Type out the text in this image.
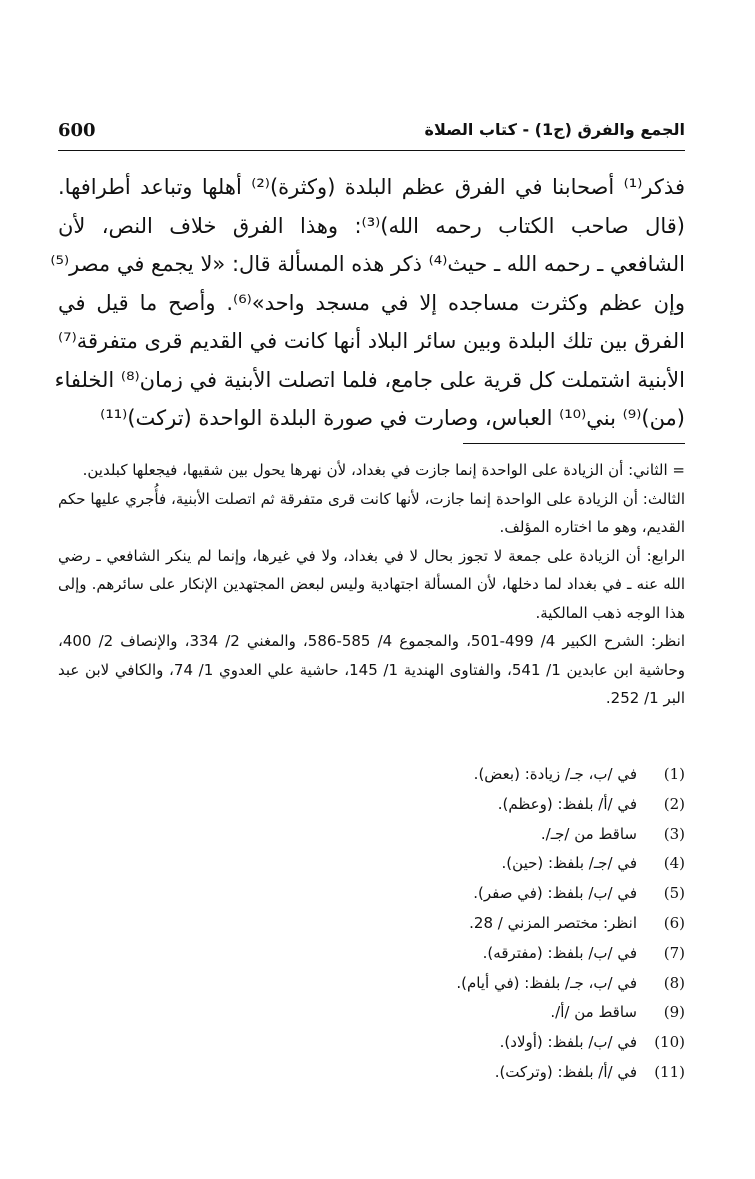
600	الجمع والفرق (ج1) - كتاب الصلاة
فذكر⁽¹⁾ أصحابنا في الفرق عظم البلدة (وكثرة)⁽²⁾ أهلها وتباعد أطرافها.
(قال صاحب الكتاب رحمه الله)⁽³⁾: وهذا الفرق خلاف النص، لأن
الشافعي ـ رحمه الله ـ حيث⁽⁴⁾ ذكر هذه المسألة قال: «لا يجمع في مصر⁽⁵⁾
وإن عظم وكثرت مساجده إلا في مسجد واحد»⁽⁶⁾. وأصح ما قيل في
الفرق بين تلك البلدة وبين سائر البلاد أنها كانت في القديم قرى متفرقة⁽⁷⁾
الأبنية اشتملت كل قرية على جامع، فلما اتصلت الأبنية في زمان⁽⁸⁾ الخلفاء
(من)⁽⁹⁾ بني⁽¹⁰⁾ العباس، وصارت في صورة البلدة الواحدة (تركت)⁽¹¹⁾
= الثاني: أن الزيادة على الواحدة إنما جازت في بغداد، لأن نهرها يحول بين شقيها، فيجعلها كبلدين.
الثالث: أن الزيادة على الواحدة إنما جازت، لأنها كانت قرى متفرقة ثم اتصلت الأبنية، فأُجري عليها حكم القديم، وهو ما اختاره المؤلف.
الرابع: أن الزيادة على جمعة لا تجوز بحال لا في بغداد، ولا في غيرها، وإنما لم ينكر الشافعي ـ رضي الله عنه ـ في بغداد لما دخلها، لأن المسألة اجتهادية وليس لبعض المجتهدين الإنكار على سائرهم. وإلى هذا الوجه ذهب المالكية.
انظر: الشرح الكبير 4/ 499-501، والمجموع 4/ 585-586، والمغني 2/ 334، والإنصاف 2/ 400، وحاشية ابن عابدين 1/ 541، والفتاوى الهندية 1/ 145، حاشية علي العدوي 1/ 74، والكافي لابن عبد البر 1/ 252.
(1)في /ب، جـ/ زيادة: (بعض).
(2)في /أ/ بلفظ: (وعظم).
(3)ساقط من /جـ/.
(4)في /جـ/ بلفظ: (حين).
(5)في /ب/ بلفظ: (في صفر).
(6)انظر: مختصر المزني / 28.
(7)في /ب/ بلفظ: (مفترقه).
(8)في /ب، جـ/ بلفظ: (في أيام).
(9)ساقط من /أ/.
(10)في /ب/ بلفظ: (أولاد).
(11)في /أ/ بلفظ: (وتركت).
